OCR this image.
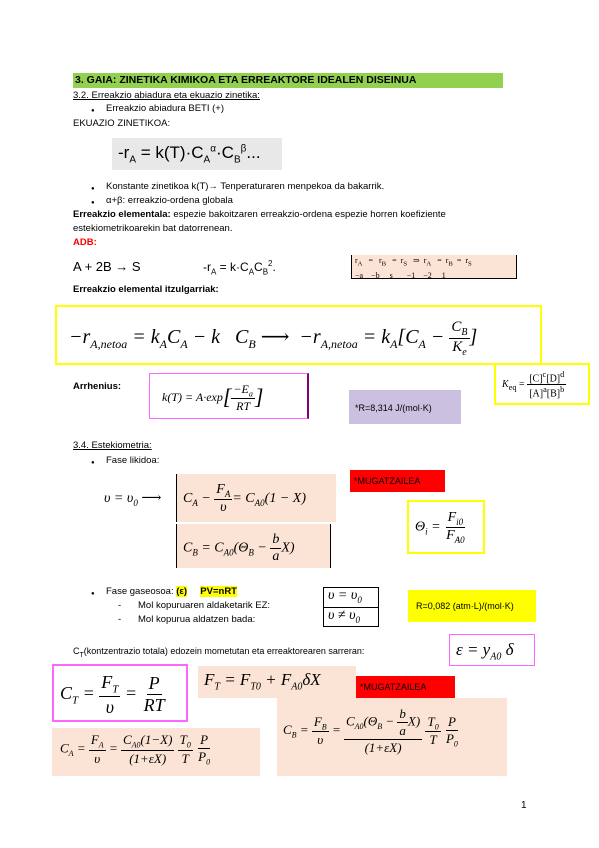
3. GAIA: ZINETIKA KIMIKOA ETA ERREAKTORE IDEALEN DISEINUA
3.2. Erreakzio abiadura eta ekuazio zinetika:
● Erreakzio abiadura BETI (+)
EKUAZIO ZINETIKOA:
$-r_A = k(T)\cdot C_A^\alpha\cdot C_B^\beta$...
● Konstante zinetikoa k(T)→ Tenperaturaren menpekoa da bakarrik.
● α+β: erreakzio-ordena globala
Erreakzio elementala: espezie bakoitzaren erreakzio-ordena espezie horren koefiziente
estekiometrikoarekin bat datorrenean.
ADB:
A + 2B → S	$-r_A = k\cdot C_AC_B^2$.	$r_A = r_B = r_S$   ⇒  $r_A = r_B = r_S$
−a    −b     s       −1    −2     1
Erreakzio elemental itzulgarriak:
$-r_{A,netoa} = k_AC_A - k$   $C_B$ ⟶  $-r_{A,netoa} = k_A[C_A - \frac{C_B}{K_e}$ ]
$K_{eq} = \frac{[C]^c[D]^d}{[A]^a[B]^b}$
Arrhenius:
$k(T) = A\cdot\exp[ \frac{-E_a}{RT}$ ]	*R=8,314 J/(mol·K)
3.4. Estekiometria:
● Fase likidoa:
$\upsilon = \upsilon_0$ ⟶ $C_A - \frac{F_A}{\upsilon} = C_{A0}(1 - X)$
$C_B = C_{A0}(\Theta_B - \frac{b}{a} X)$
*MUGATZAILEA
$\Theta_i = \frac{F_{i0}}{F_{A0}}$
● Fase gaseosoa: (ε) PV=nRT
- Mol kopuruaren aldaketarik EZ:
- Mol kopurua aldatzen bada:
$\upsilon = \upsilon_0$
$\upsilon \ne \upsilon_0$
R=0,082 (atm·L)/(mol·K)
$C_T(kontzentrazio$ totala) edozein mometutan eta erreaktorearen sarreran:	$\varepsilon = y_{A0}$ δ
$C_T = \frac{F_T}{\upsilon} = \frac{P}{RT} F_T = F_{T0} + F_{A0}\delta X$	*MUGATZAILEA
$C_A = \frac{F_A}{\upsilon} = \frac{C_{A0}(1-X)}{(1+\varepsilon X)}$
$\frac{T_0}{T}$
$\frac{P}{P_0}$
$C_B = \frac{F_B}{\upsilon} = \frac{C_{A0}(\Theta_B - \frac{b}{a} X)}{(1+\varepsilon X)}$
$\frac{T_0}{T}$
$\frac{P}{P_0}$
1
